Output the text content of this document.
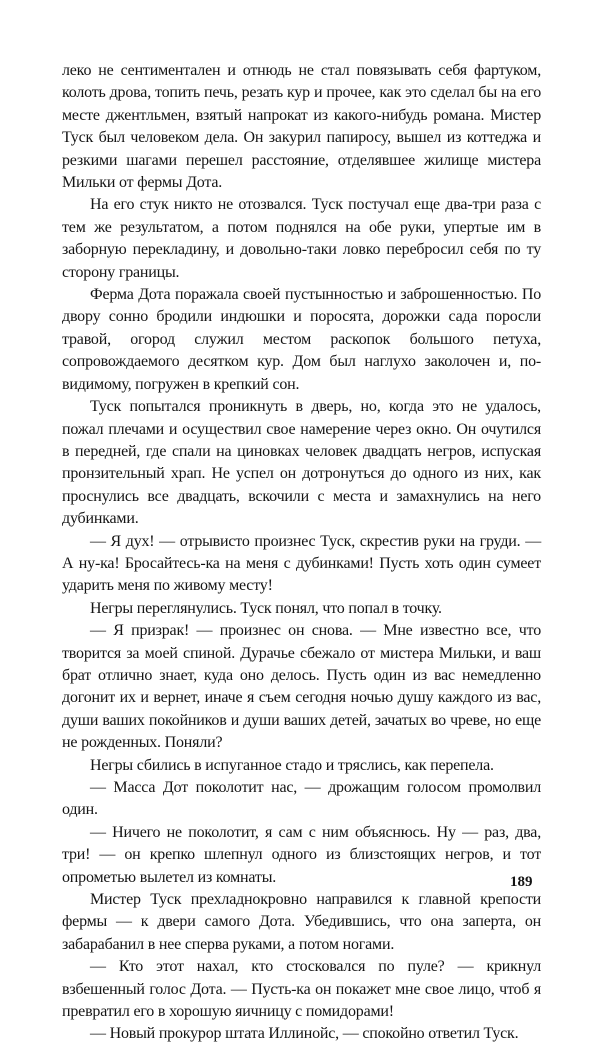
леко не сентиментален и отнюдь не стал повязывать себя фартуком, колоть дрова, топить печь, резать кур и прочее, как это сделал бы на его месте джентльмен, взятый напрокат из какого-нибудь романа. Мистер Туск был человеком дела. Он закурил папиросу, вышел из коттеджа и резкими шагами перешел расстояние, отделявшее жилище мистера Мильки от фермы Дота.

На его стук никто не отозвался. Туск постучал еще два-три раза с тем же результатом, а потом поднялся на обе руки, упертые им в заборную перекладину, и довольно-таки ловко перебросил себя по ту сторону границы.

Ферма Дота поражала своей пустынностью и заброшенностью. По двору сонно бродили индюшки и поросята, дорожки сада поросли травой, огород служил местом раскопок большого петуха, сопровождаемого десятком кур. Дом был наглухо заколочен и, по-видимому, погружен в крепкий сон.

Туск попытался проникнуть в дверь, но, когда это не удалось, пожал плечами и осуществил свое намерение через окно. Он очутился в передней, где спали на циновках человек двадцать негров, испуская пронзительный храп. Не успел он дотронуться до одного из них, как проснулись все двадцать, вскочили с места и замахнулись на него дубинками.

— Я дух! — отрывисто произнес Туск, скрестив руки на груди. — А ну-ка! Бросайтесь-ка на меня с дубинками! Пусть хоть один сумеет ударить меня по живому месту!

Негры переглянулись. Туск понял, что попал в точку.

— Я призрак! — произнес он снова. — Мне известно все, что творится за моей спиной. Дурачье сбежало от мистера Мильки, и ваш брат отлично знает, куда оно делось. Пусть один из вас немедленно догонит их и вернет, иначе я съем сегодня ночью душу каждого из вас, души ваших покойников и души ваших детей, зачатых во чреве, но еще не рожденных. Поняли?

Негры сбились в испуганное стадо и тряслись, как перепела.

— Масса Дот поколотит нас, — дрожащим голосом промолвил один.

— Ничего не поколотит, я сам с ним объяснюсь. Ну — раз, два, три! — он крепко шлепнул одного из близстоящих негров, и тот опрометью вылетел из комнаты.

Мистер Туск прехладнокровно направился к главной крепости фермы — к двери самого Дота. Убедившись, что она заперта, он забарабанил в нее сперва руками, а потом ногами.

— Кто этот нахал, кто стосковался по пуле? — крикнул взбешенный голос Дота. — Пусть-ка он покажет мне свое лицо, чтоб я превратил его в хорошую яичницу с помидорами!

— Новый прокурор штата Иллинойс, — спокойно ответил Туск.

189
